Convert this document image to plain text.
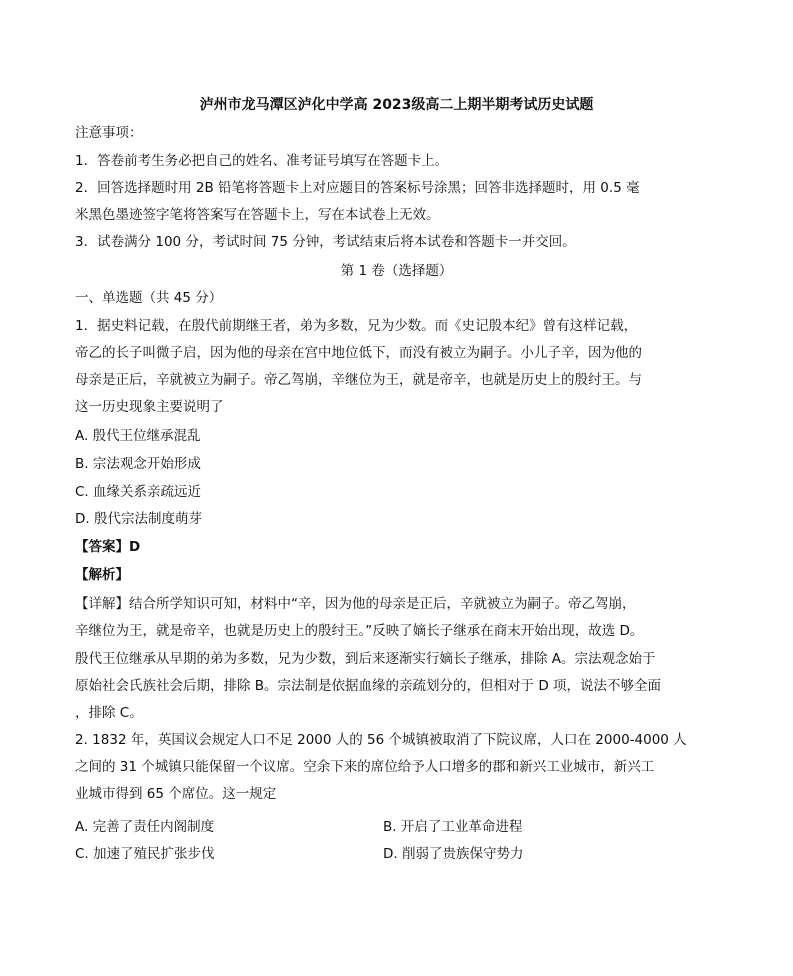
泸州市龙马潭区泸化中学高 2023级高二上期半期考试历史试题
注意事项：
1．答卷前考生务必把自己的姓名、准考证号填写在答题卡上。
2．回答选择题时用 2B 铅笔将答题卡上对应题目的答案标号涂黑；回答非选择题时，用 0.5 毫
米黑色墨迹签字笔将答案写在答题卡上，写在本试卷上无效。
3．试卷满分 100 分，考试时间 75 分钟，考试结束后将本试卷和答题卡一并交回。
第 1 卷（选择题）
一、单选题（共 45 分）
1．据史料记载，在殷代前期继王者，弟为多数，兄为少数。而《史记殷本纪》曾有这样记载，
帝乙的长子叫微子启，因为他的母亲在宫中地位低下，而没有被立为嗣子。小儿子辛，因为他的
母亲是正后，辛就被立为嗣子。帝乙驾崩，辛继位为王，就是帝辛，也就是历史上的殷纣王。与
这一历史现象主要说明了
A. 殷代王位继承混乱
B. 宗法观念开始形成
C. 血缘关系亲疏远近
D. 殷代宗法制度萌芽
【答案】D
【解析】
【详解】结合所学知识可知，材料中“辛，因为他的母亲是正后，辛就被立为嗣子。帝乙驾崩，
辛继位为王，就是帝辛，也就是历史上的殷纣王。”反映了嫡长子继承在商末开始出现，故选 D。
殷代王位继承从早期的弟为多数，兄为少数，到后来逐渐实行嫡长子继承，排除 A。宗法观念始于
原始社会氏族社会后期，排除 B。宗法制是依据血缘的亲疏划分的，但相对于 D 项，说法不够全面
，排除 C。
2. 1832 年，英国议会规定人口不足 2000 人的 56 个城镇被取消了下院议席，人口在 2000-4000 人
之间的 31 个城镇只能保留一个议席。空余下来的席位给予人口增多的郡和新兴工业城市，新兴工
业城市得到 65 个席位。这一规定
A. 完善了责任内阁制度	B. 开启了工业革命进程
C. 加速了殖民扩张步伐	D. 削弱了贵族保守势力
